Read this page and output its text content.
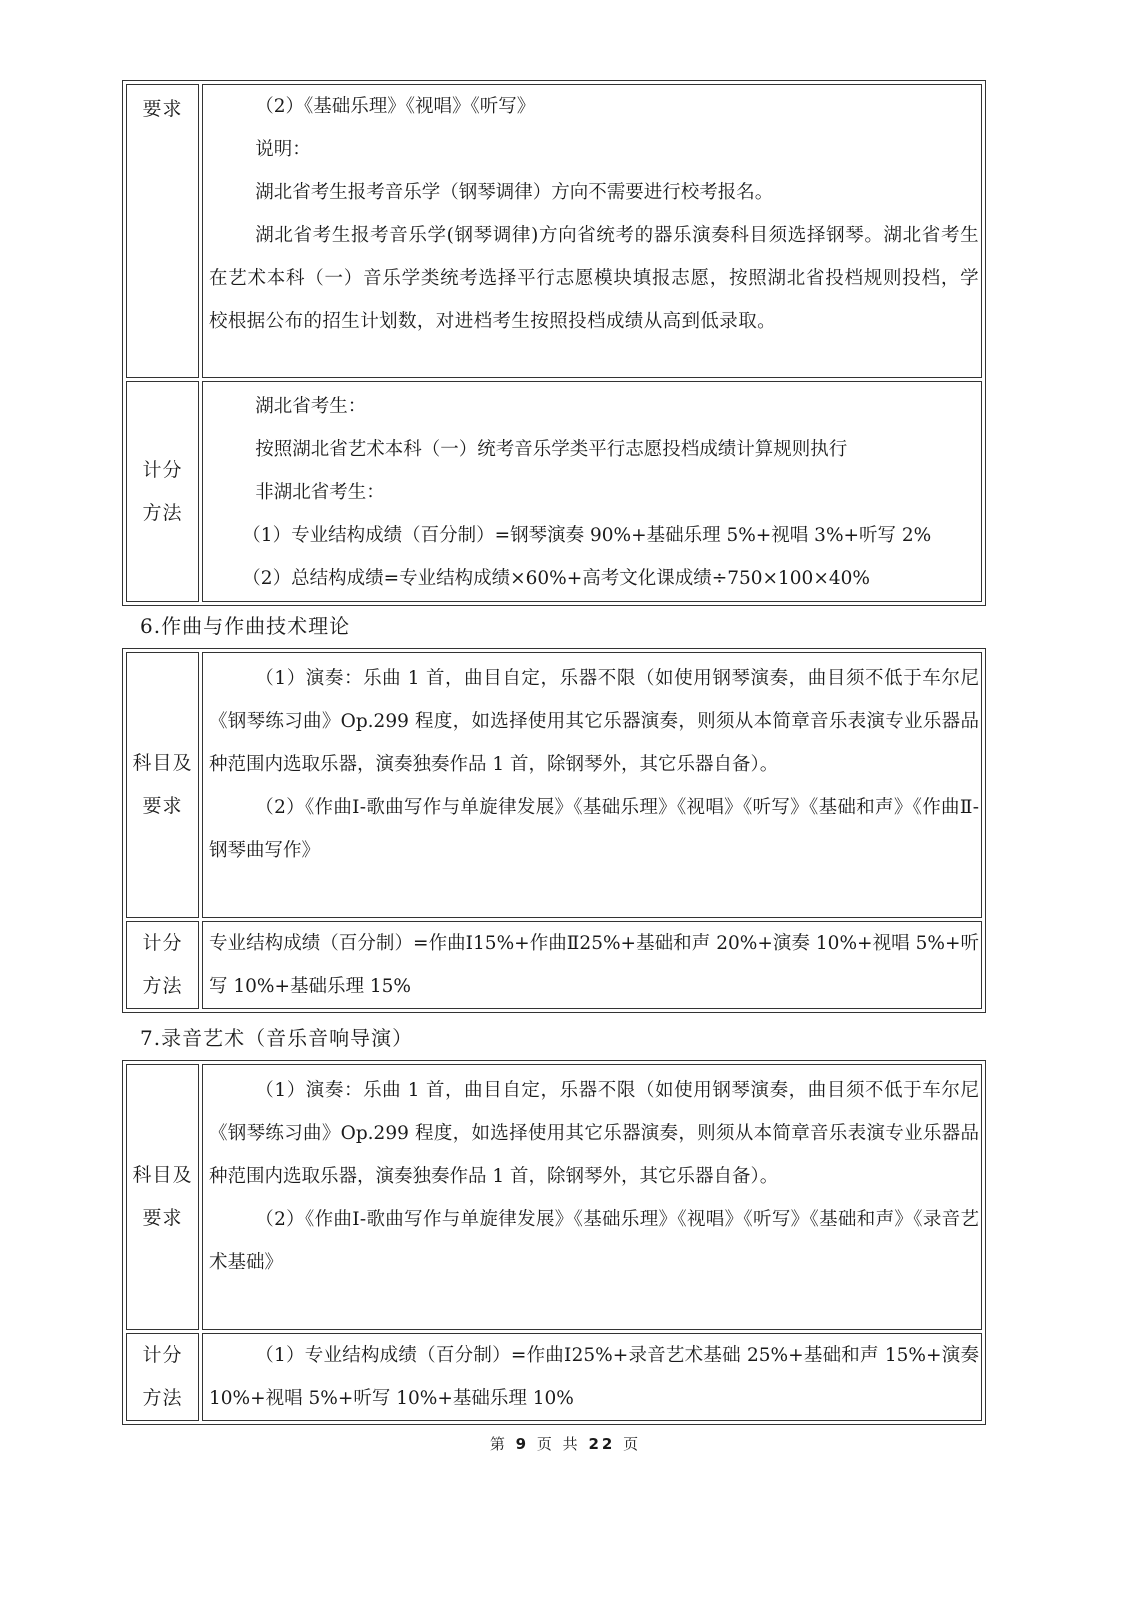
要求	（2）《基础乐理》《视唱》《听写》

说明：

湖北省考生报考音乐学（钢琴调律）方向不需要进行校考报名。

湖北省考生报考音乐学(钢琴调律)方向省统考的器乐演奏科目须选择钢琴。湖北省考生在艺术本科（一）音乐学类统考选择平行志愿模块填报志愿，按照湖北省投档规则投档，学校根据公布的招生计划数，对进档考生按照投档成绩从高到低录取。

计分
方法

湖北省考生：

按照湖北省艺术本科（一）统考音乐学类平行志愿投档成绩计算规则执行

非湖北省考生：

（1）专业结构成绩（百分制）=钢琴演奏 90%+基础乐理 5%+视唱 3%+听写 2%

（2）总结构成绩=专业结构成绩×60%+高考文化课成绩÷750×100×40%

6.作曲与作曲技术理论
科目及
要求

（1）演奏：乐曲 1 首，曲目自定，乐器不限（如使用钢琴演奏，曲目须不低于车尔尼《钢琴练习曲》Op.299 程度，如选择使用其它乐器演奏，则须从本简章音乐表演专业乐器品种范围内选取乐器，演奏独奏作品 1 首，除钢琴外，其它乐器自备）。

（2）《作曲Ⅰ-歌曲写作与单旋律发展》《基础乐理》《视唱》《听写》《基础和声》《作曲Ⅱ-钢琴曲写作》

计分
方法

专业结构成绩（百分制）=作曲Ⅰ15%+作曲Ⅱ25%+基础和声 20%+演奏 10%+视唱 5%+听写 10%+基础乐理 15%

7.录音艺术（音乐音响导演）
科目及
要求

（1）演奏：乐曲 1 首，曲目自定，乐器不限（如使用钢琴演奏，曲目须不低于车尔尼《钢琴练习曲》Op.299 程度，如选择使用其它乐器演奏，则须从本简章音乐表演专业乐器品种范围内选取乐器，演奏独奏作品 1 首，除钢琴外，其它乐器自备）。

（2）《作曲Ⅰ-歌曲写作与单旋律发展》《基础乐理》《视唱》《听写》《基础和声》《录音艺术基础》

计分
方法

（1）专业结构成绩（百分制）=作曲Ⅰ25%+录音艺术基础 25%+基础和声 15%+演奏 10%+视唱 5%+听写 10%+基础乐理 10%

第 9 页 共 22 页
